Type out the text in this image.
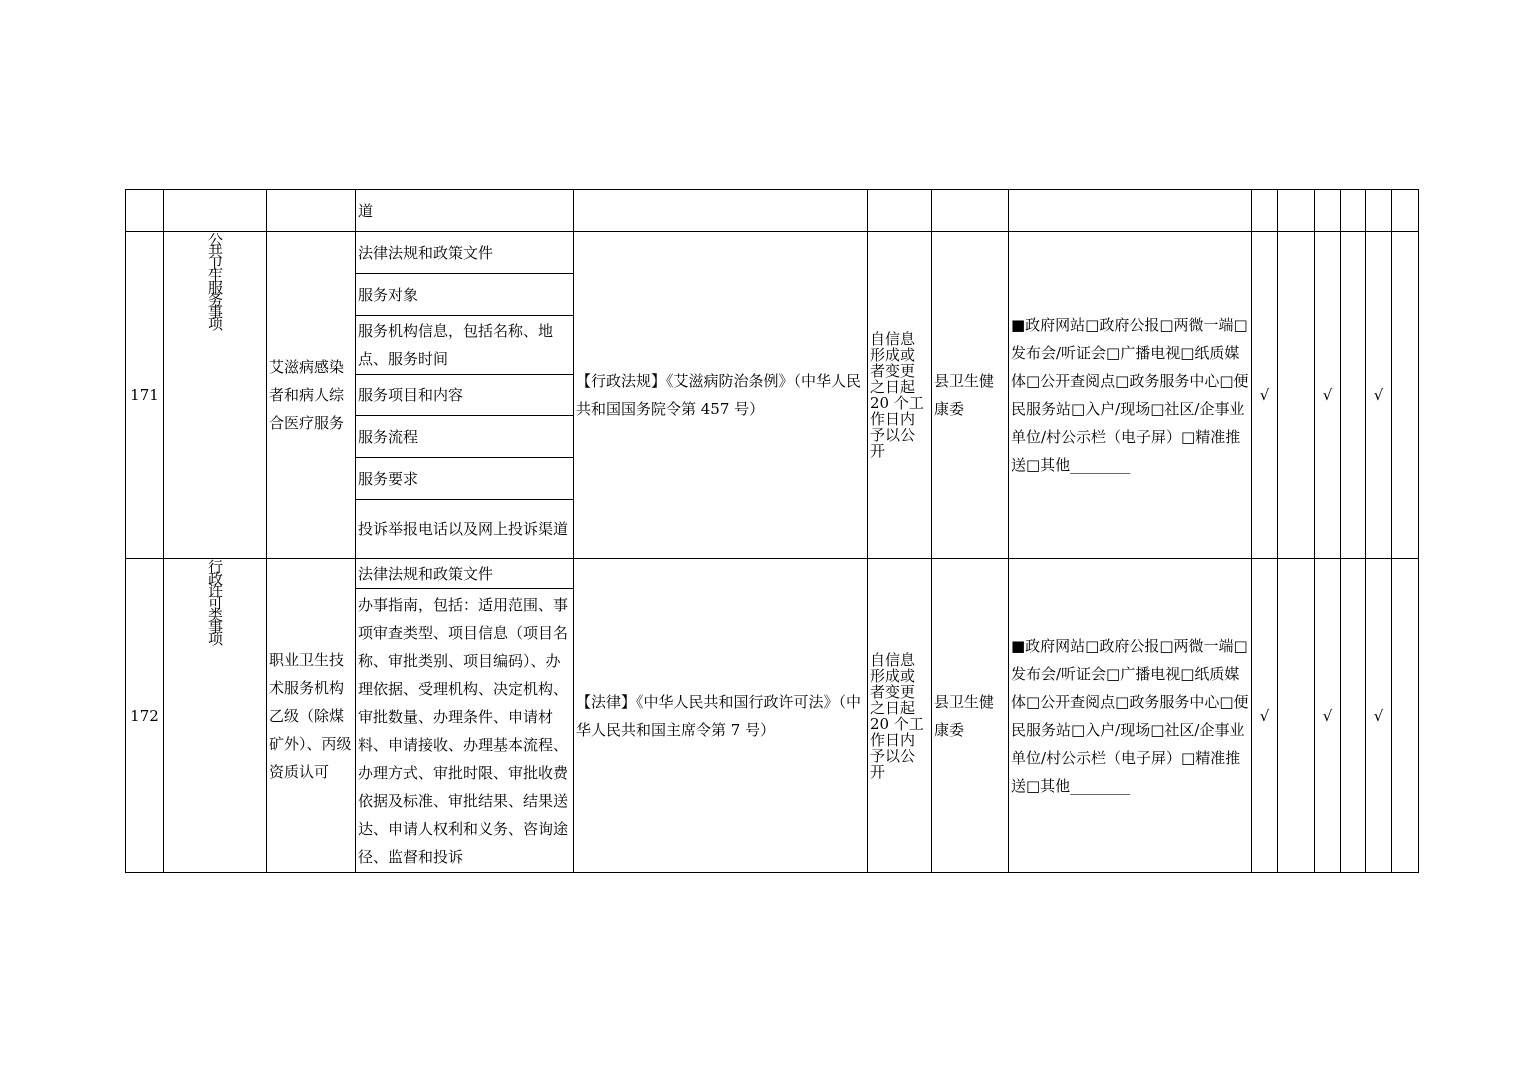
			道										
171	公共卫生服务事项	艾滋病感染者和病人综合医疗服务	法律法规和政策文件	【行政法规】《艾滋病防治条例》（中华人民共和国国务院令第 457 号）	自信息形成或者变更之日起 20 个工作日内予以公开	县卫生健康委	■政府网站□政府公报□两微一端□发布会/听证会□广播电视□纸质媒体□公开查阅点□政务服务中心□便民服务站□入户/现场□社区/企事业单位/村公示栏（电子屏）□精准推送□其他________	√		√		√	
			服务对象										
			服务机构信息，包括名称、地点、服务时间										
			服务项目和内容										
			服务流程										
			服务要求										
			投诉举报电话以及网上投诉渠道										
172	行政许可类事项	职业卫生技术服务机构乙级（除煤矿外）、丙级资质认可	法律法规和政策文件	【法律】《中华人民共和国行政许可法》（中华人民共和国主席令第 7 号）	自信息形成或者变更之日起 20 个工作日内予以公开	县卫生健康委	■政府网站□政府公报□两微一端□发布会/听证会□广播电视□纸质媒体□公开查阅点□政务服务中心□便民服务站□入户/现场□社区/企事业单位/村公示栏（电子屏）□精准推送□其他________	√		√		√	
			办事指南，包括：适用范围、事项审查类型、项目信息（项目名称、审批类别、项目编码）、办理依据、受理机构、决定机构、审批数量、办理条件、申请材料、申请接收、办理基本流程、办理方式、审批时限、审批收费依据及标准、审批结果、结果送达、申请人权利和义务、咨询途径、监督和投诉										
